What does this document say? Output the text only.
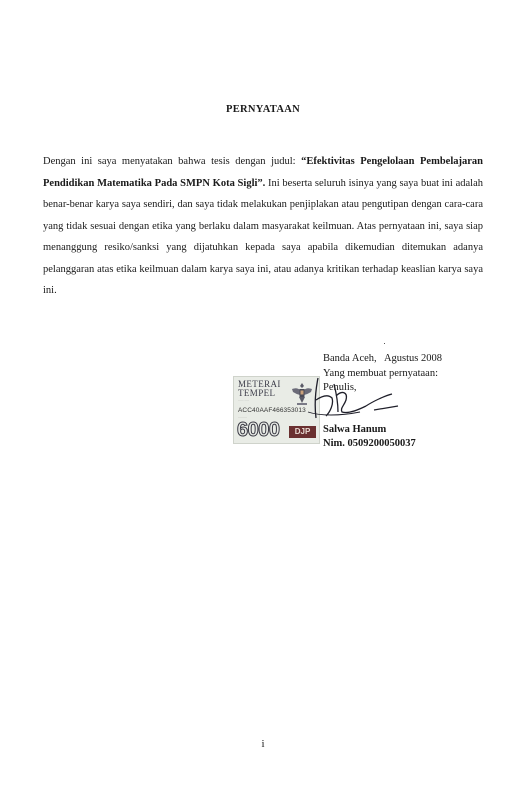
PERNYATAAN
Dengan ini saya menyatakan bahwa tesis dengan judul: “Efektivitas Pengelolaan Pembelajaran Pendidikan Matematika Pada SMPN Kota Sigli”. Ini beserta seluruh isinya yang saya buat ini adalah benar-benar karya saya sendiri, dan saya tidak melakukan penjiplakan atau pengutipan dengan cara-cara yang tidak sesuai dengan etika yang berlaku dalam masyarakat keilmuan. Atas pernyataan ini, saya siap menanggung resiko/sanksi yang dijatuhkan kepada saya apabila dikemudian ditemukan adanya pelanggaran atas etika keilmuan dalam karya saya ini, atau adanya kritikan terhadap keaslian karya saya ini.
METERAI TEMPEL
··········
ACC40AAF466353013
·········
6000	DJP
Banda Aceh,   Agustus 2008
Yang membuat pernyataan:
Penulis,
Salwa Hanum
Nim. 0509200050037
i
